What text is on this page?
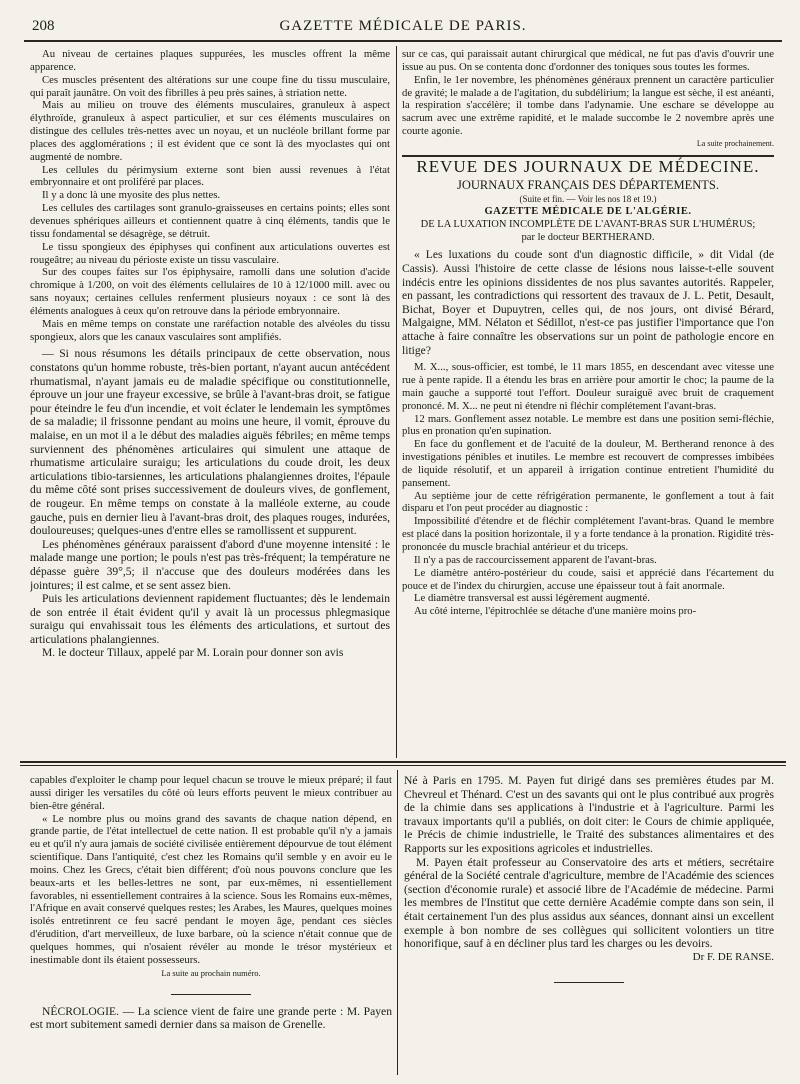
208	GAZETTE MÉDICALE DE PARIS.

Au niveau de certaines plaques suppurées, les muscles offrent la même apparence.

Ces muscles présentent des altérations sur une coupe fine du tissu musculaire, qui paraît jaunâtre. On voit des fibrilles à peu près saines, à striation nette.

Mais au milieu on trouve des éléments musculaires, granuleux à aspect élythroïde, granuleux à aspect particulier, et sur ces éléments musculaires on distingue des cellules très-nettes avec un noyau, et un nucléole brillant forme par places des agglomérations ; il est évident que ce sont là des myoclastes qui ont augmenté de nombre.

Les cellules du périmysium externe sont bien aussi revenues à l'état embryonnaire et ont proliféré par places.

Il y a donc là une myosite des plus nettes.

Les cellules des cartilages sont granulo-graisseuses en certains points; elles sont devenues sphériques ailleurs et contiennent quatre à cinq éléments, tandis que le tissu fondamental se désagrège, se détruit.

Le tissu spongieux des épiphyses qui confinent aux articulations ouvertes est rougeâtre; au niveau du périoste existe un tissu vasculaire.

Sur des coupes faites sur l'os épiphysaire, ramolli dans une solution d'acide chromique à 1/200, on voit des éléments cellulaires de 10 à 12/1000 mill. avec ou sans noyaux; certaines cellules renferment plusieurs noyaux : ce sont là des éléments analogues à ceux qu'on retrouve dans la période embryonnaire.

Mais en même temps on constate une raréfaction notable des alvéoles du tissu spongieux, alors que les canaux vasculaires sont amplifiés.

— Si nous résumons les détails principaux de cette observation, nous constatons qu'un homme robuste, très-bien portant, n'ayant aucun antécédent rhumatismal, n'ayant jamais eu de maladie spécifique ou constitutionnelle, éprouve un jour une frayeur excessive, se brûle à l'avant-bras droit, se fatigue pour éteindre le feu d'un incendie, et voit éclater le lendemain les symptômes de sa maladie; il frissonne pendant au moins une heure, il vomit, éprouve du malaise, en un mot il a le début des maladies aiguës fébriles; en même temps surviennent des phénomènes articulaires qui simulent une attaque de rhumatisme articulaire suraigu; les articulations du coude droit, les deux articulations tibio-tarsiennes, les articulations phalangiennes droites, l'épaule du même côté sont prises successivement de douleurs vives, de gonflement, de rougeur. En même temps on constate à la malléole externe, au coude gauche, puis en dernier lieu à l'avant-bras droit, des plaques rouges, indurées, douloureuses; quelques-unes d'entre elles se ramollissent et suppurent.

Les phénomènes généraux paraissent d'abord d'une moyenne intensité : le malade mange une portion; le pouls n'est pas très-fréquent; la température ne dépasse guère 39°,5; il n'accuse que des douleurs modérées dans les jointures; il est calme, et se sent assez bien.

Puis les articulations deviennent rapidement fluctuantes; dès le lendemain de son entrée il était évident qu'il y avait là un processus phlegmasique suraigu qui envahissait tous les éléments des articulations, et surtout des articulations phalangiennes.

M. le docteur Tillaux, appelé par M. Lorain pour donner son avis

sur ce cas, qui paraissait autant chirurgical que médical, ne fut pas d'avis d'ouvrir une issue au pus. On se contenta donc d'ordonner des toniques sous toutes les formes.

Enfin, le 1er novembre, les phénomènes généraux prennent un caractère particulier de gravité; le malade a de l'agitation, du subdélirium; la langue est sèche, il est anéanti, la respiration s'accélère; il tombe dans l'adynamie. Une eschare se développe au sacrum avec une extrême rapidité, et le malade succombe le 2 novembre après une courte agonie.

La suite prochainement.

REVUE DES JOURNAUX DE MÉDECINE.

JOURNAUX FRANÇAIS DES DÉPARTEMENTS.

(Suite et fin. — Voir les nos 18 et 19.)

GAZETTE MÉDICALE DE L'ALGÉRIE.

DE LA LUXATION INCOMPLÈTE DE L'AVANT-BRAS SUR L'HUMÉRUS;

par le docteur BERTHERAND.

« Les luxations du coude sont d'un diagnostic difficile, » dit Vidal (de Cassis). Aussi l'histoire de cette classe de lésions nous laisse-t-elle souvent indécis entre les opinions dissidentes de nos plus savantes autorités. Rappeler, en passant, les contradictions qui ressortent des travaux de J. L. Petit, Desault, Bichat, Boyer et Dupuytren, celles qui, de nos jours, ont divisé Bérard, Malgaigne, MM. Nélaton et Sédillot, n'est-ce pas justifier l'importance que l'on attache à faire connaître les observations sur un point de pathologie encore en litige?

M. X..., sous-officier, est tombé, le 11 mars 1855, en descendant avec vitesse une rue à pente rapide. Il a étendu les bras en arrière pour amortir le choc; la paume de la main gauche a supporté tout l'effort. Douleur suraiguë avec bruit de craquement prononcé. M. X... ne peut ni étendre ni fléchir complétement l'avant-bras.

12 mars. Gonflement assez notable. Le membre est dans une position semi-fléchie, plus en pronation qu'en supination.

En face du gonflement et de l'acuité de la douleur, M. Bertherand renonce à des investigations pénibles et inutiles. Le membre est recouvert de compresses imbibées de liquide résolutif, et un appareil à irrigation continue entretient l'humidité du pansement.

Au septième jour de cette réfrigération permanente, le gonflement a tout à fait disparu et l'on peut procéder au diagnostic :

Impossibilité d'étendre et de fléchir complétement l'avant-bras. Quand le membre est placé dans la position horizontale, il y a forte tendance à la pronation. Rigidité très-prononcée du muscle brachial antérieur et du triceps.

Il n'y a pas de raccourcissement apparent de l'avant-bras.

Le diamètre antéro-postérieur du coude, saisi et apprécié dans l'écartement du pouce et de l'index du chirurgien, accuse une épaisseur tout à fait anormale.

Le diamètre transversal est aussi légèrement augmenté.

Au côté interne, l'épitrochlée se détache d'une manière moins pro-

capables d'exploiter le champ pour lequel chacun se trouve le mieux préparé; il faut aussi diriger les versatiles du côté où leurs efforts peuvent le mieux contribuer au bien-être général.

« Le nombre plus ou moins grand des savants de chaque nation dépend, en grande partie, de l'état intellectuel de cette nation. Il est probable qu'il n'y a jamais eu et qu'il n'y aura jamais de société civilisée entièrement dépourvue de tout élément scientifique. Dans l'antiquité, c'est chez les Romains qu'il semble y en avoir eu le moins. Chez les Grecs, c'était bien différent; d'où nous pouvons conclure que les beaux-arts et les belles-lettres ne sont, par eux-mêmes, ni essentiellement favorables, ni essentiellement contraires à la science. Sous les Romains eux-mêmes, l'Afrique en avait conservé quelques restes; les Arabes, les Maures, quelques moines isolés entretinrent ce feu sacré pendant le moyen âge, pendant ces siècles d'érudition, d'art merveilleux, de luxe barbare, où la science n'était connue que de quelques hommes, qui n'osaient révéler au monde le trésor mystérieux et inestimable dont ils étaient possesseurs.

La suite au prochain numéro.

NÉCROLOGIE. — La science vient de faire une grande perte : M. Payen est mort subitement samedi dernier dans sa maison de Grenelle.

Né à Paris en 1795. M. Payen fut dirigé dans ses premières études par M. Chevreul et Thénard. C'est un des savants qui ont le plus contribué aux progrès de la chimie dans ses applications à l'industrie et à l'agriculture. Parmi les travaux importants qu'il a publiés, on doit citer: le Cours de chimie appliquée, le Précis de chimie industrielle, le Traité des substances alimentaires et des Rapports sur les expositions agricoles et industrielles.

M. Payen était professeur au Conservatoire des arts et métiers, secrétaire général de la Société centrale d'agriculture, membre de l'Académie des sciences (section d'économie rurale) et associé libre de l'Académie de médecine. Parmi les membres de l'Institut que cette dernière Académie compte dans son sein, il était certainement l'un des plus assidus aux séances, donnant ainsi un excellent exemple à bon nombre de ses collègues qui sollicitent volontiers un titre honorifique, sauf à en décliner plus tard les charges ou les devoirs.

Dr F. DE RANSE.
